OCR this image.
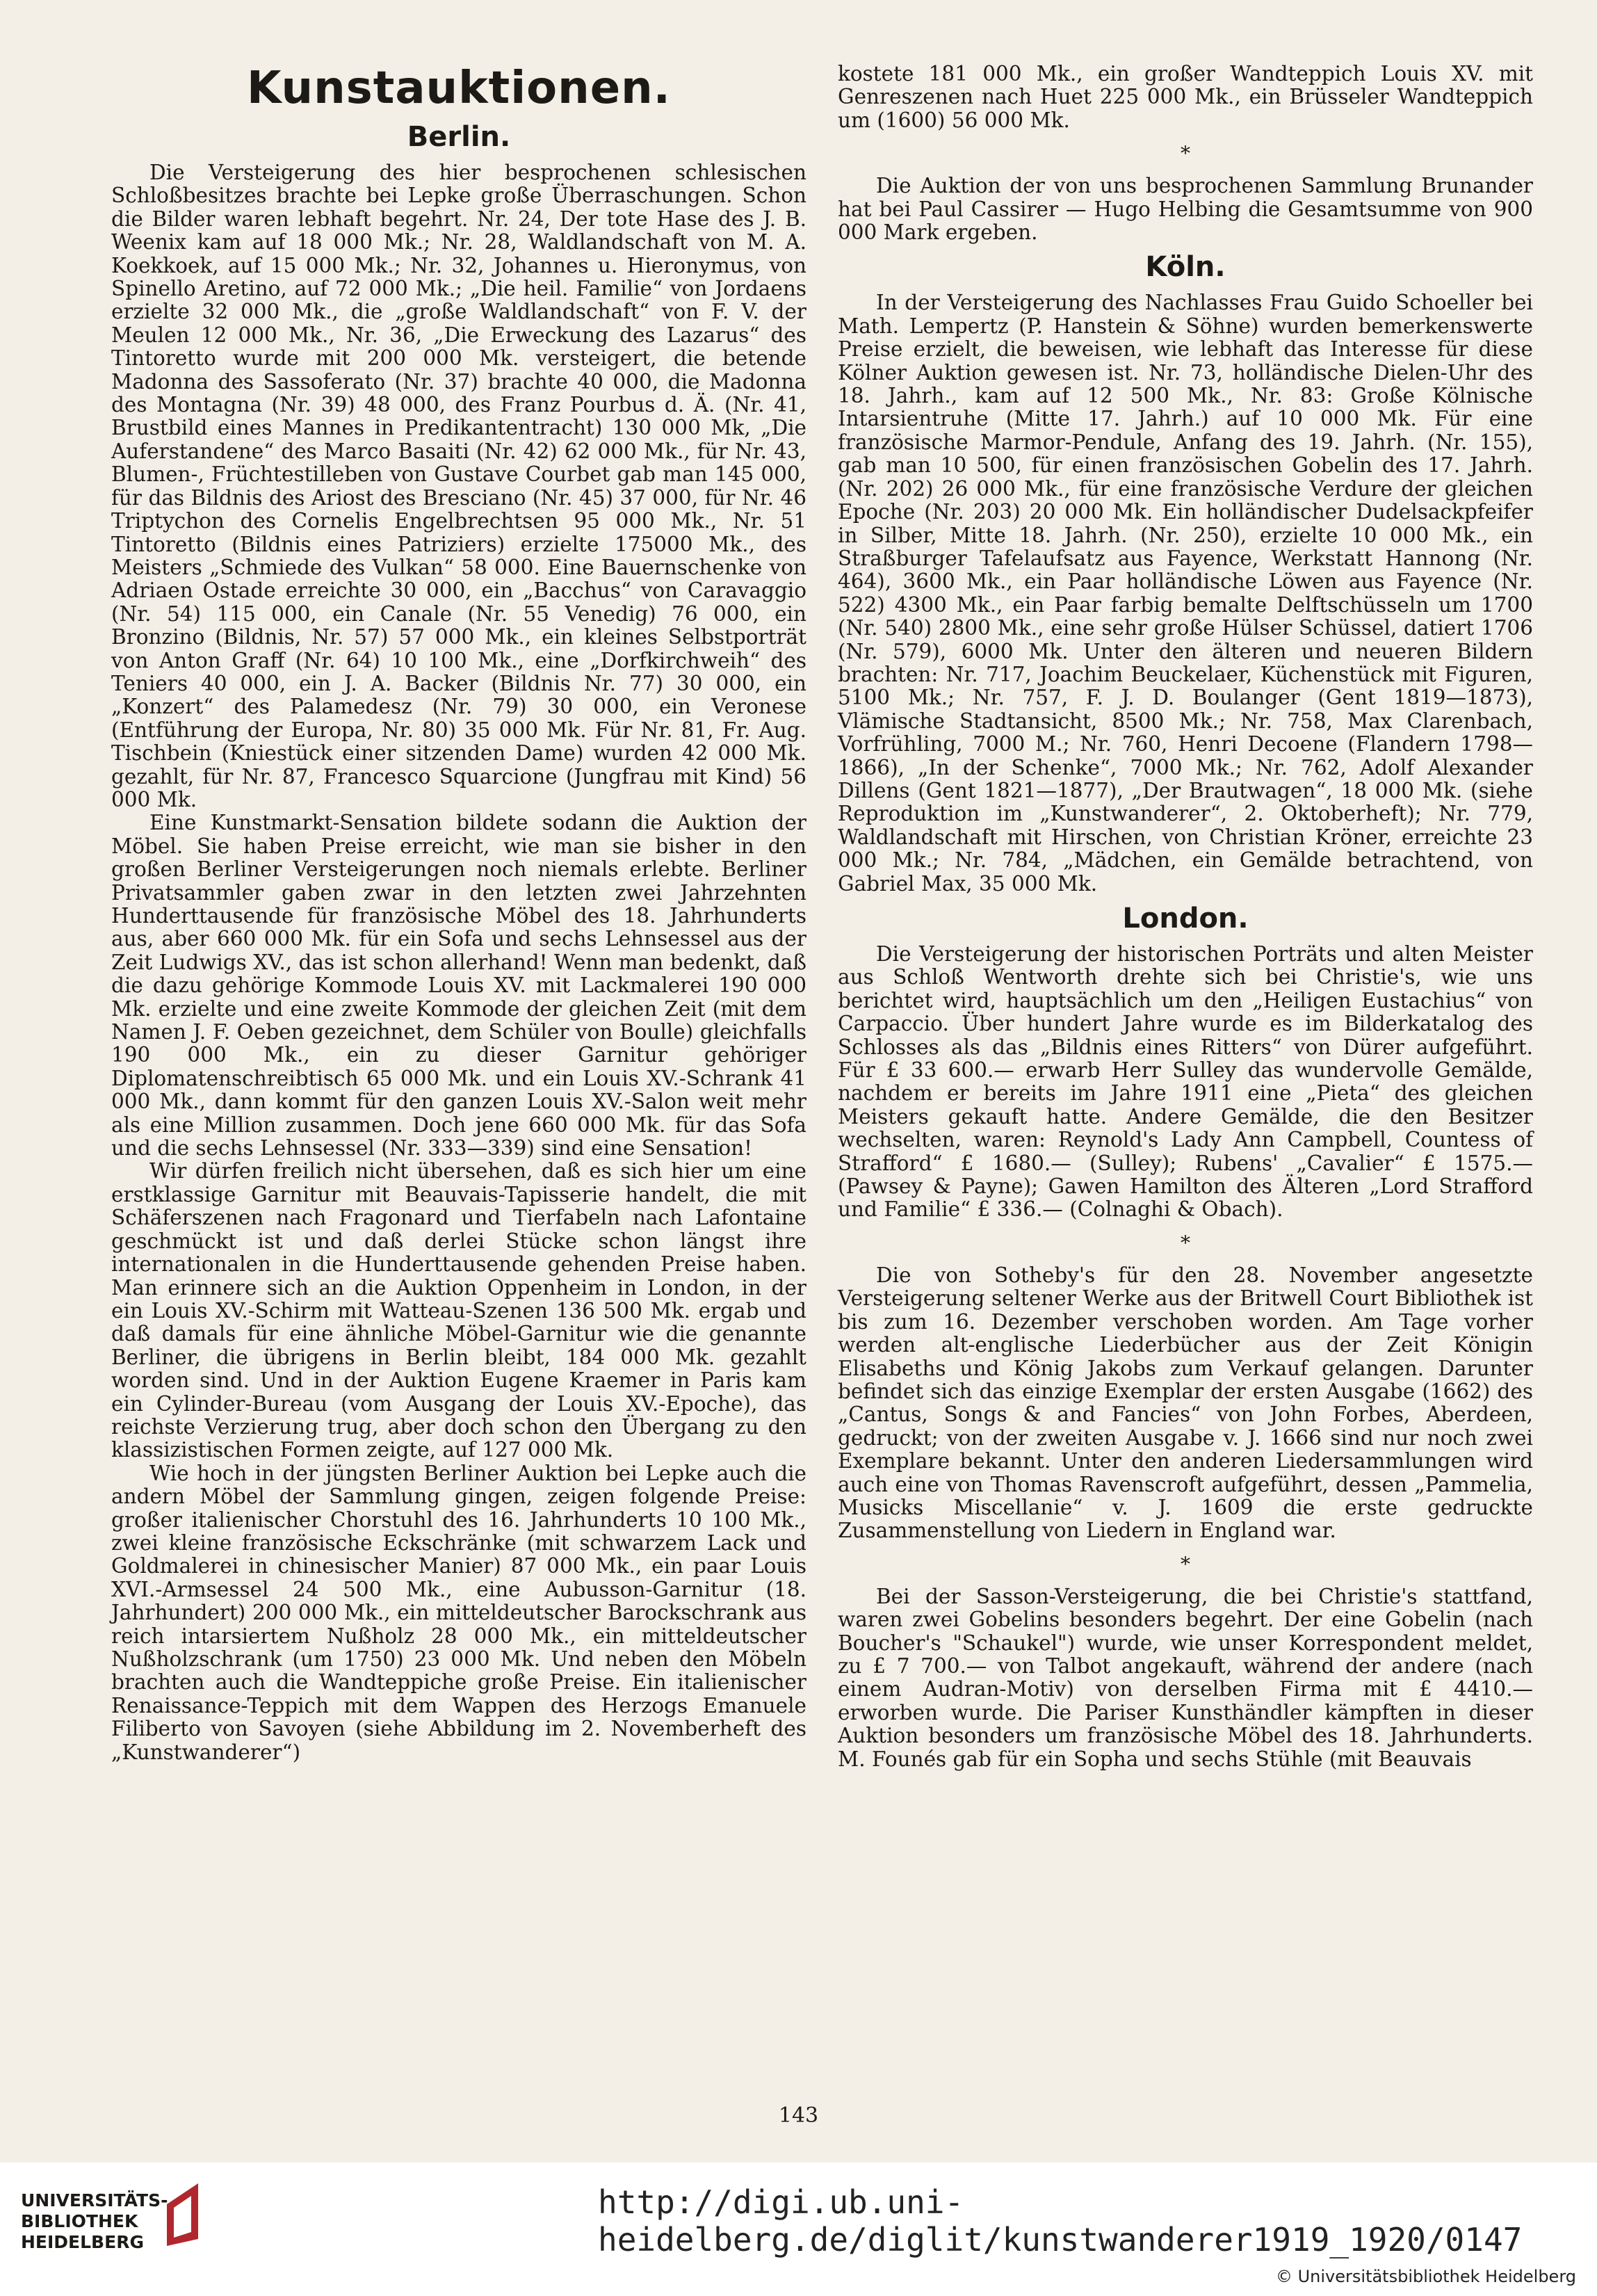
Kunstauktionen.
Berlin.

Die Versteigerung des hier besprochenen schlesischen Schloßbesitzes brachte bei Lepke große Überraschungen. Schon die Bilder waren lebhaft begehrt. Nr. 24, Der tote Hase des J. B. Weenix kam auf 18 000 Mk.; Nr. 28, Waldlandschaft von M. A. Koekkoek, auf 15 000 Mk.; Nr. 32, Johannes u. Hieronymus, von Spinello Aretino, auf 72 000 Mk.; „Die heil. Familie“ von Jordaens erzielte 32 000 Mk., die „große Waldlandschaft“ von F. V. der Meulen 12 000 Mk., Nr. 36, „Die Erweckung des Lazarus“ des Tintoretto wurde mit 200 000 Mk. versteigert, die betende Madonna des Sassoferato (Nr. 37) brachte 40 000, die Madonna des Montagna (Nr. 39) 48 000, des Franz Pourbus d. Ä. (Nr. 41, Brustbild eines Mannes in Predikantentracht) 130 000 Mk, „Die Auferstandene“ des Marco Basaiti (Nr. 42) 62 000 Mk., für Nr. 43, Blumen-, Früchtestilleben von Gustave Courbet gab man 145 000, für das Bildnis des Ariost des Bresciano (Nr. 45) 37 000, für Nr. 46 Triptychon des Cornelis Engelbrechtsen 95 000 Mk., Nr. 51 Tintoretto (Bildnis eines Patriziers) erzielte 175000 Mk., des Meisters „Schmiede des Vulkan“ 58 000. Eine Bauernschenke von Adriaen Ostade erreichte 30 000, ein „Bacchus“ von Caravaggio (Nr. 54) 115 000, ein Canale (Nr. 55 Venedig) 76 000, ein Bronzino (Bildnis, Nr. 57) 57 000 Mk., ein kleines Selbstporträt von Anton Graff (Nr. 64) 10 100 Mk., eine „Dorfkirchweih“ des Teniers 40 000, ein J. A. Backer (Bildnis Nr. 77) 30 000, ein „Konzert“ des Palamedesz (Nr. 79) 30 000, ein Veronese (Entführung der Europa, Nr. 80) 35 000 Mk. Für Nr. 81, Fr. Aug. Tischbein (Kniestück einer sitzenden Dame) wurden 42 000 Mk. gezahlt, für Nr. 87, Francesco Squarcione (Jungfrau mit Kind) 56 000 Mk.

Eine Kunstmarkt-Sensation bildete sodann die Auktion der Möbel. Sie haben Preise erreicht, wie man sie bisher in den großen Berliner Versteigerungen noch niemals erlebte. Berliner Privatsammler gaben zwar in den letzten zwei Jahrzehnten Hunderttausende für französische Möbel des 18. Jahrhunderts aus, aber 660 000 Mk. für ein Sofa und sechs Lehnsessel aus der Zeit Ludwigs XV., das ist schon allerhand! Wenn man bedenkt, daß die dazu gehörige Kommode Louis XV. mit Lackmalerei 190 000 Mk. erzielte und eine zweite Kommode der gleichen Zeit (mit dem Namen J. F. Oeben gezeichnet, dem Schüler von Boulle) gleichfalls 190 000 Mk., ein zu dieser Garnitur gehöriger Diplomatenschreibtisch 65 000 Mk. und ein Louis XV.-Schrank 41 000 Mk., dann kommt für den ganzen Louis XV.-Salon weit mehr als eine Million zusammen. Doch jene 660 000 Mk. für das Sofa und die sechs Lehnsessel (Nr. 333—339) sind eine Sensation!

Wir dürfen freilich nicht übersehen, daß es sich hier um eine erstklassige Garnitur mit Beauvais-Tapisserie handelt, die mit Schäferszenen nach Fragonard und Tierfabeln nach Lafontaine geschmückt ist und daß derlei Stücke schon längst ihre internationalen in die Hunderttausende gehenden Preise haben. Man erinnere sich an die Auktion Oppenheim in London, in der ein Louis XV.-Schirm mit Watteau-Szenen 136 500 Mk. ergab und daß damals für eine ähnliche Möbel-Garnitur wie die genannte Berliner, die übrigens in Berlin bleibt, 184 000 Mk. gezahlt worden sind. Und in der Auktion Eugene Kraemer in Paris kam ein Cylinder-Bureau (vom Ausgang der Louis XV.-Epoche), das reichste Verzierung trug, aber doch schon den Übergang zu den klassizistischen Formen zeigte, auf 127 000 Mk.

Wie hoch in der jüngsten Berliner Auktion bei Lepke auch die andern Möbel der Sammlung gingen, zeigen folgende Preise: großer italienischer Chorstuhl des 16. Jahrhunderts 10 100 Mk., zwei kleine französische Eckschränke (mit schwarzem Lack und Goldmalerei in chinesischer Manier) 87 000 Mk., ein paar Louis XVI.-Armsessel 24 500 Mk., eine Aubusson-Garnitur (18. Jahrhundert) 200 000 Mk., ein mitteldeutscher Barockschrank aus reich intarsiertem Nußholz 28 000 Mk., ein mitteldeutscher Nußholzschrank (um 1750) 23 000 Mk. Und neben den Möbeln brachten auch die Wandteppiche große Preise. Ein italienischer Renaissance-Teppich mit dem Wappen des Herzogs Emanuele Filiberto von Savoyen (siehe Abbildung im 2. Novemberheft des „Kunstwanderer“)

kostete 181 000 Mk., ein großer Wandteppich Louis XV. mit Genreszenen nach Huet 225 000 Mk., ein Brüsseler Wandteppich um (1600) 56 000 Mk.

*

Die Auktion der von uns besprochenen Sammlung Brunander hat bei Paul Cassirer — Hugo Helbing die Gesamtsumme von 900 000 Mark ergeben.

Köln.

In der Versteigerung des Nachlasses Frau Guido Schoeller bei Math. Lempertz (P. Hanstein & Söhne) wurden bemerkenswerte Preise erzielt, die beweisen, wie lebhaft das Interesse für diese Kölner Auktion gewesen ist. Nr. 73, holländische Dielen-Uhr des 18. Jahrh., kam auf 12 500 Mk., Nr. 83: Große Kölnische Intarsientruhe (Mitte 17. Jahrh.) auf 10 000 Mk. Für eine französische Marmor-Pendule, Anfang des 19. Jahrh. (Nr. 155), gab man 10 500, für einen französischen Gobelin des 17. Jahrh. (Nr. 202) 26 000 Mk., für eine französische Verdure der gleichen Epoche (Nr. 203) 20 000 Mk. Ein holländischer Dudelsackpfeifer in Silber, Mitte 18. Jahrh. (Nr. 250), erzielte 10 000 Mk., ein Straßburger Tafelaufsatz aus Fayence, Werkstatt Hannong (Nr. 464), 3600 Mk., ein Paar holländische Löwen aus Fayence (Nr. 522) 4300 Mk., ein Paar farbig bemalte Delftschüsseln um 1700 (Nr. 540) 2800 Mk., eine sehr große Hülser Schüssel, datiert 1706 (Nr. 579), 6000 Mk. Unter den älteren und neueren Bildern brachten: Nr. 717, Joachim Beuckelaer, Küchenstück mit Figuren, 5100 Mk.; Nr. 757, F. J. D. Boulanger (Gent 1819—1873), Vlämische Stadtansicht, 8500 Mk.; Nr. 758, Max Clarenbach, Vorfrühling, 7000 M.; Nr. 760, Henri Decoene (Flandern 1798—1866), „In der Schenke“, 7000 Mk.; Nr. 762, Adolf Alexander Dillens (Gent 1821—1877), „Der Brautwagen“, 18 000 Mk. (siehe Reproduktion im „Kunstwanderer“, 2. Oktoberheft); Nr. 779, Waldlandschaft mit Hirschen, von Christian Kröner, erreichte 23 000 Mk.; Nr. 784, „Mädchen, ein Gemälde betrachtend, von Gabriel Max, 35 000 Mk.

London.

Die Versteigerung der historischen Porträts und alten Meister aus Schloß Wentworth drehte sich bei Christie's, wie uns berichtet wird, hauptsächlich um den „Heiligen Eustachius“ von Carpaccio. Über hundert Jahre wurde es im Bilderkatalog des Schlosses als das „Bildnis eines Ritters“ von Dürer aufgeführt. Für £ 33 600.— erwarb Herr Sulley das wundervolle Gemälde, nachdem er bereits im Jahre 1911 eine „Pieta“ des gleichen Meisters gekauft hatte. Andere Gemälde, die den Besitzer wechselten, waren: Reynold's Lady Ann Campbell, Countess of Strafford“ £ 1680.— (Sulley); Rubens' „Cavalier“ £ 1575.— (Pawsey & Payne); Gawen Hamilton des Älteren „Lord Strafford und Familie“ £ 336.— (Colnaghi & Obach).

*

Die von Sotheby's für den 28. November angesetzte Versteigerung seltener Werke aus der Britwell Court Bibliothek ist bis zum 16. Dezember verschoben worden. Am Tage vorher werden alt-englische Liederbücher aus der Zeit Königin Elisabeths und König Jakobs zum Verkauf gelangen. Darunter befindet sich das einzige Exemplar der ersten Ausgabe (1662) des „Cantus, Songs & and Fancies“ von John Forbes, Aberdeen, gedruckt; von der zweiten Ausgabe v. J. 1666 sind nur noch zwei Exemplare bekannt. Unter den anderen Liedersammlungen wird auch eine von Thomas Ravenscroft aufgeführt, dessen „Pammelia, Musicks Miscellanie“ v. J. 1609 die erste gedruckte Zusammenstellung von Liedern in England war.

*

Bei der Sasson-Versteigerung, die bei Christie's stattfand, waren zwei Gobelins besonders begehrt. Der eine Gobelin (nach Boucher's "Schaukel") wurde, wie unser Korrespondent meldet, zu £ 7 700.— von Talbot angekauft, während der andere (nach einem Audran-Motiv) von derselben Firma mit £ 4410.— erworben wurde. Die Pariser Kunsthändler kämpften in dieser Auktion besonders um französische Möbel des 18. Jahrhunderts. M. Founés gab für ein Sopha und sechs Stühle (mit Beauvais

143
UNIVERSITÄTS-
BIBLIOTHEK
HEIDELBERG
http://digi.ub.uni-heidelberg.de/diglit/kunstwanderer1919_1920/0147
© Universitätsbibliothek Heidelberg
